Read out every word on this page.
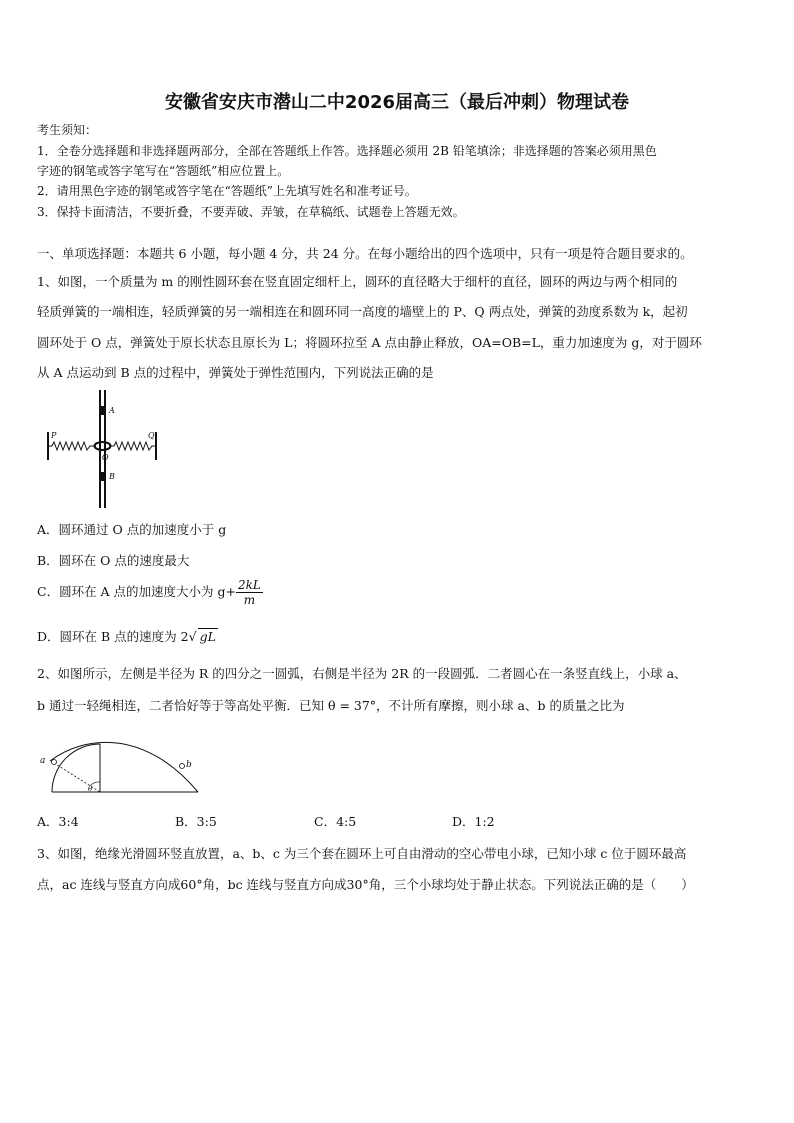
安徽省安庆市潜山二中2026届高三（最后冲刺）物理试卷
考生须知：
1．全卷分选择题和非选择题两部分，全部在答题纸上作答。选择题必须用 2B 铅笔填涂；非选择题的答案必须用黑色
字迹的钢笔或答字笔写在“答题纸”相应位置上。
2．请用黑色字迹的钢笔或答字笔在“答题纸”上先填写姓名和准考证号。
3．保持卡面清洁，不要折叠，不要弄破、弄皱，在草稿纸、试题卷上答题无效。
一、单项选择题：本题共 6 小题，每小题 4 分，共 24 分。在每小题给出的四个选项中，只有一项是符合题目要求的。
1、如图，一个质量为 m 的刚性圆环套在竖直固定细杆上，圆环的直径略大于细杆的直径，圆环的两边与两个相同的
轻质弹簧的一端相连，轻质弹簧的另一端相连在和圆环同一高度的墙壁上的 P、Q 两点处，弹簧的劲度系数为 k，起初
圆环处于 O 点，弹簧处于原长状态且原长为 L；将圆环拉至 A 点由静止释放，OA=OB=L，重力加速度为 g，对于圆环
从 A 点运动到 B 点的过程中，弹簧处于弹性范围内，下列说法正确的是
P	Q
A
O
B
A．圆环通过 O 点的加速度小于 g
B．圆环在 O 点的速度最大
C．圆环在 A 点的加速度大小为 $g+ \frac{2kL}{m}$
D．圆环在 B 点的速度为 2√ gL
2、如图所示，左侧是半径为 R 的四分之一圆弧，右侧是半径为 2R 的一段圆弧．二者圆心在一条竖直线上，小球 a、
b 通过一轻绳相连，二者恰好等于等高处平衡．已知 θ = 37°，不计所有摩擦，则小球 a、b 的质量之比为
a	b
θ
A．3:4	B．3:5	C．4:5	D．1:2
3、如图，绝缘光滑圆环竖直放置，a、b、c 为三个套在圆环上可自由滑动的空心带电小球，已知小球 c 位于圆环最高
点，ac 连线与竖直方向成60°角，bc 连线与竖直方向成30°角，三个小球均处于静止状态。下列说法正确的是（　　）
